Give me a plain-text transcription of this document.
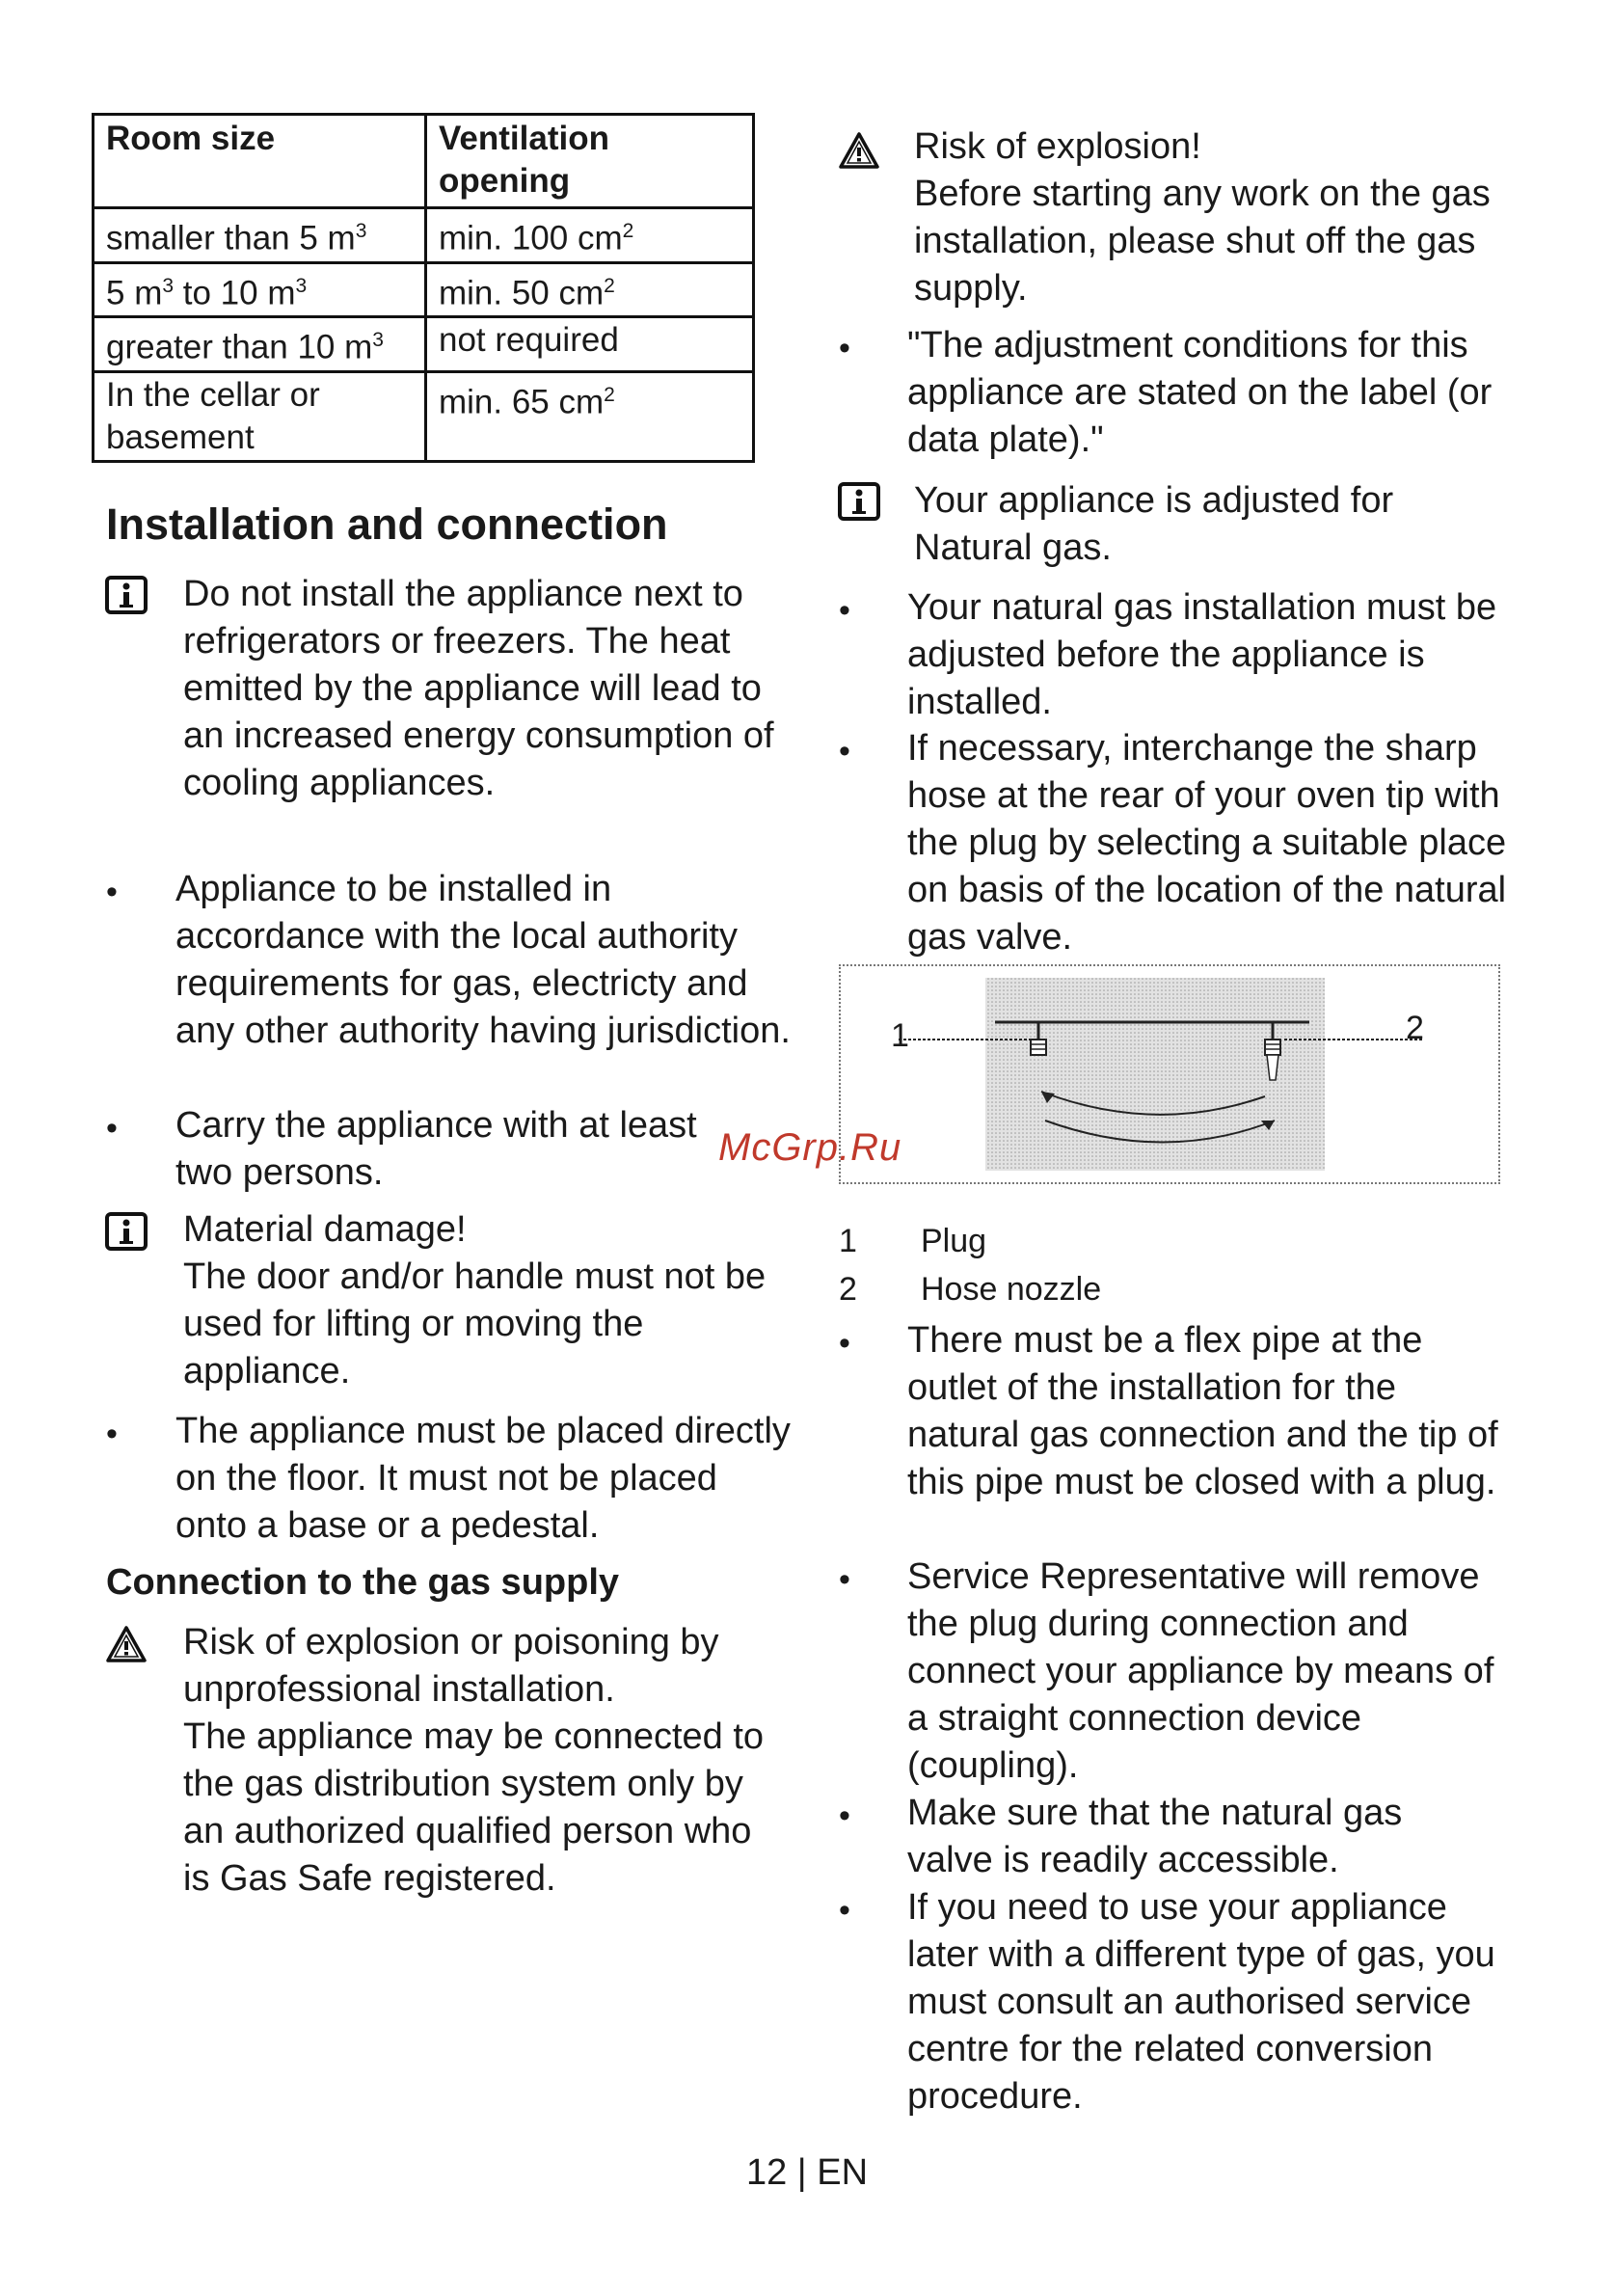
Room size	Ventilation opening
smaller than 5 $m^3$	min. 100 $cm^2$
5 $m^3$ to 10 $m^3$	min. 50 $cm^2$
greater than 10 $m^3$	not required
In the cellar or basement	min. 65 $cm^2$
Installation and connection
Do not install the appliance next to refrigerators or freezers. The heat emitted by the appliance will lead to an increased energy consumption of cooling appliances.
• Appliance to be installed in accordance with the local authority requirements for gas, electricty and any other authority having jurisdiction.
• Carry the appliance with at least two persons.
Material damage!
The door and/or handle must not be used for lifting or moving the appliance.
• The appliance must be placed directly on the floor. It must not be placed onto a base or a pedestal.
Connection to the gas supply
Risk of explosion or poisoning by unprofessional installation.
The appliance may be connected to the gas distribution system only by an authorized qualified person who is Gas Safe registered.
Risk of explosion!
Before starting any work on the gas installation, please shut off the gas supply.
• "The adjustment conditions for this appliance are stated on the label (or data plate)."
Your appliance is adjusted for Natural gas.
• Your natural gas installation must be adjusted before the appliance is installed.
• If necessary, interchange the sharp hose at the rear of your oven tip with the plug by selecting a suitable place on basis of the location of the natural gas valve.
1	2
McGrp.Ru
1 Plug
2 Hose nozzle
• There must be a flex pipe at the outlet of the installation for the natural gas connection and the tip of this pipe must be closed with a plug.
• Service Representative will remove the plug during connection and connect your appliance by means of a straight connection device (coupling).
• Make sure that the natural gas valve is readily accessible.
• If you need to use your appliance later with a different type of gas, you must consult an authorised service centre for the related conversion procedure.
12 | EN
